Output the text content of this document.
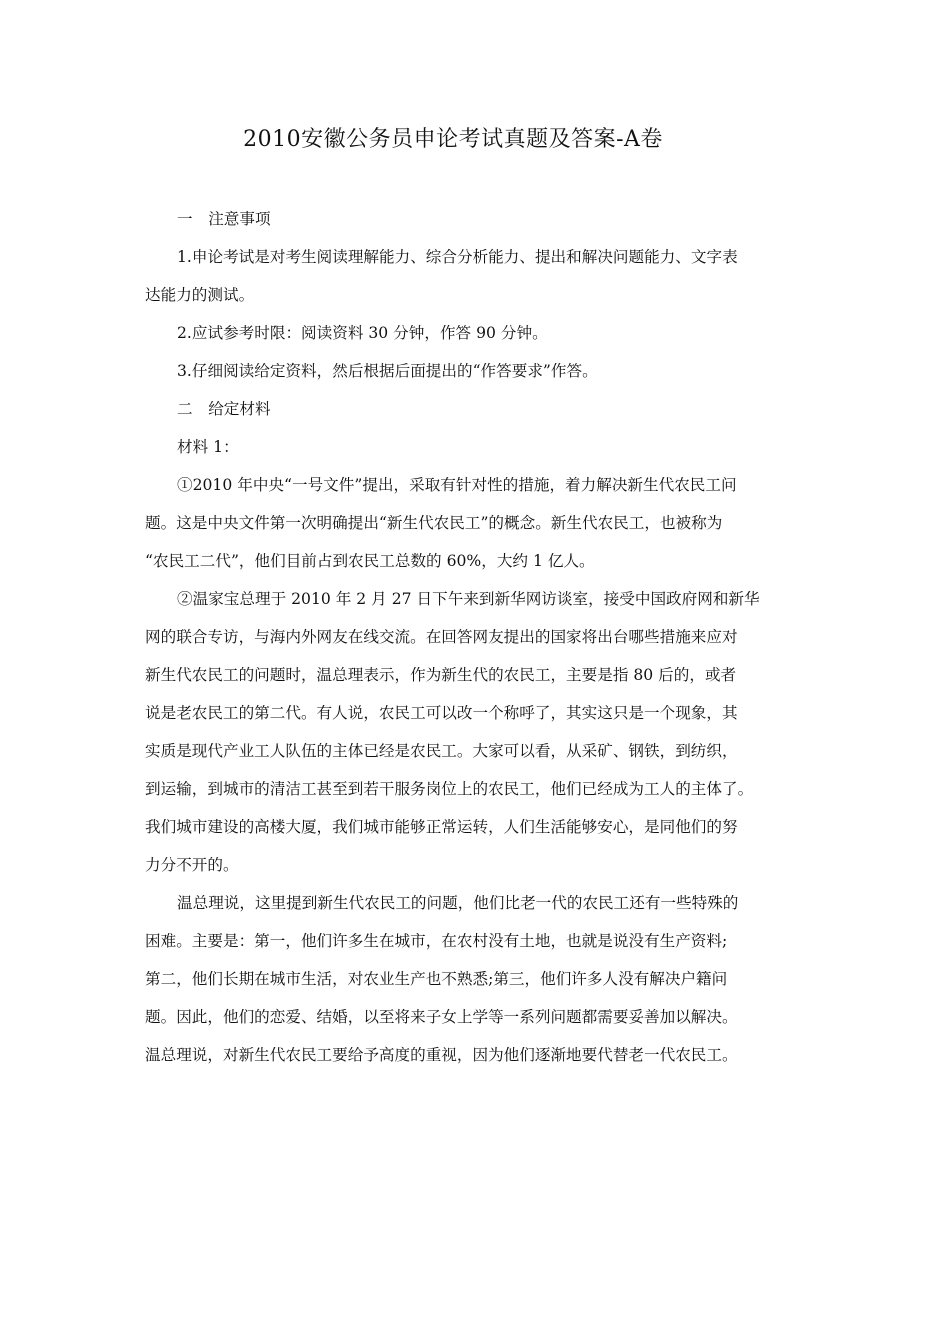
2010安徽公务员申论考试真题及答案-A卷
一　注意事项
1.申论考试是对考生阅读理解能力、综合分析能力、提出和解决问题能力、文字表
达能力的测试。
2.应试参考时限：阅读资料 30 分钟，作答 90 分钟。
3.仔细阅读给定资料，然后根据后面提出的“作答要求”作答。
二　给定材料
材料 1：
①2010 年中央“一号文件”提出，采取有针对性的措施，着力解决新生代农民工问
题。这是中央文件第一次明确提出“新生代农民工”的概念。新生代农民工，也被称为
“农民工二代”，他们目前占到农民工总数的 60%，大约 1 亿人。
②温家宝总理于 2010 年 2 月 27 日下午来到新华网访谈室，接受中国政府网和新华
网的联合专访，与海内外网友在线交流。在回答网友提出的国家将出台哪些措施来应对
新生代农民工的问题时，温总理表示，作为新生代的农民工，主要是指 80 后的，或者
说是老农民工的第二代。有人说，农民工可以改一个称呼了，其实这只是一个现象，其
实质是现代产业工人队伍的主体已经是农民工。大家可以看，从采矿、钢铁，到纺织，
到运输，到城市的清洁工甚至到若干服务岗位上的农民工，他们已经成为工人的主体了。
我们城市建设的高楼大厦，我们城市能够正常运转，人们生活能够安心，是同他们的努
力分不开的。
温总理说，这里提到新生代农民工的问题，他们比老一代的农民工还有一些特殊的
困难。主要是：第一，他们许多生在城市，在农村没有土地，也就是说没有生产资料;
第二，他们长期在城市生活，对农业生产也不熟悉;第三，他们许多人没有解决户籍问
题。因此，他们的恋爱、结婚，以至将来子女上学等一系列问题都需要妥善加以解决。
温总理说，对新生代农民工要给予高度的重视，因为他们逐渐地要代替老一代农民工。
